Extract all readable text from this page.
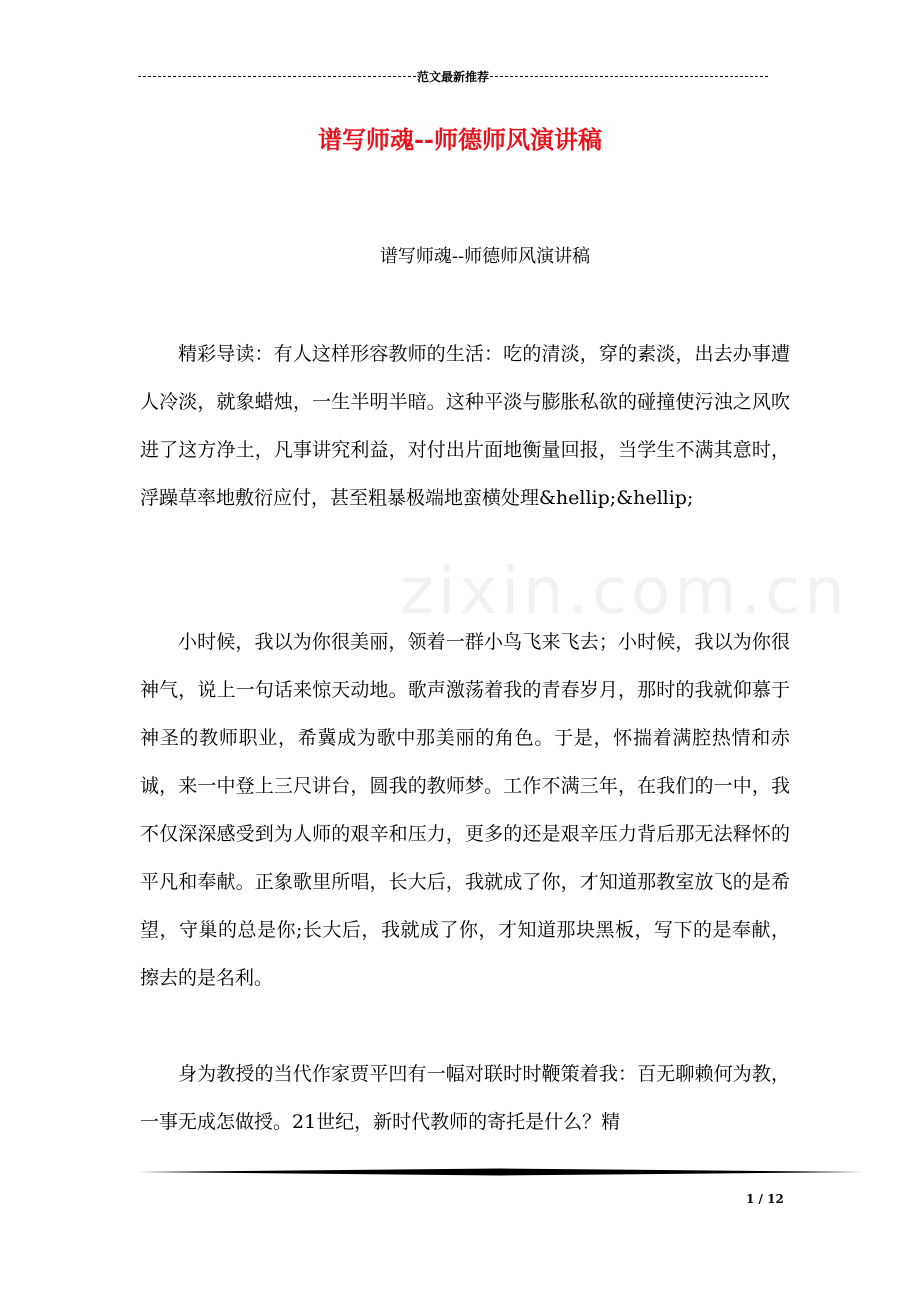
范文最新推荐
谱写师魂--师德师风演讲稿
谱写师魂--师德师风演讲稿
zixin.com.cn

精彩导读：有人这样形容教师的生活：吃的清淡，穿的素淡，出去办事遭人冷淡，就象蜡烛，一生半明半暗。这种平淡与膨胀私欲的碰撞使污浊之风吹进了这方净土，凡事讲究利益，对付出片面地衡量回报，当学生不满其意时，浮躁草率地敷衍应付，甚至粗暴极端地蛮横处理&hellip;&hellip;

小时候，我以为你很美丽，领着一群小鸟飞来飞去；小时候，我以为你很神气，说上一句话来惊天动地。歌声激荡着我的青春岁月，那时的我就仰慕于神圣的教师职业，希冀成为歌中那美丽的角色。于是，怀揣着满腔热情和赤诚，来一中登上三尺讲台，圆我的教师梦。工作不满三年，在我们的一中，我不仅深深感受到为人师的艰辛和压力，更多的还是艰辛压力背后那无法释怀的平凡和奉献。正象歌里所唱，长大后，我就成了你，才知道那教室放飞的是希望，守巢的总是你;长大后，我就成了你，才知道那块黑板，写下的是奉献，擦去的是名利。

身为教授的当代作家贾平凹有一幅对联时时鞭策着我：百无聊赖何为教，一事无成怎做授。21世纪，新时代教师的寄托是什么？精

1 / 12
